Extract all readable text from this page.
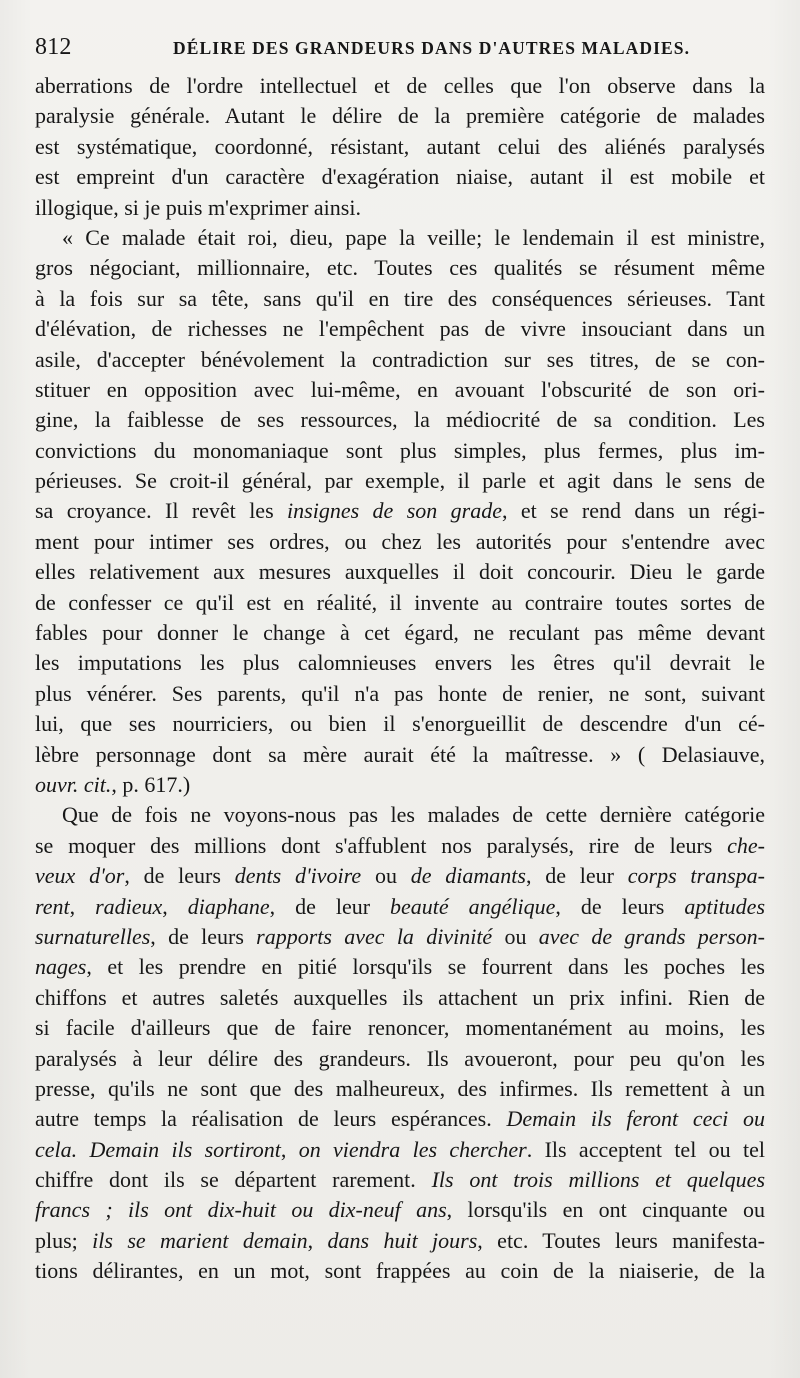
812	DÉLIRE DES GRANDEURS DANS D'AUTRES MALADIES.
aberrations de l'ordre intellectuel et de celles que l'on observe dans la
paralysie générale. Autant le délire de la première catégorie de malades
est systématique, coordonné, résistant, autant celui des aliénés paralysés
est empreint d'un caractère d'exagération niaise, autant il est mobile et
illogique, si je puis m'exprimer ainsi.
« Ce malade était roi, dieu, pape la veille; le lendemain il est ministre,
gros négociant, millionnaire, etc. Toutes ces qualités se résument même
à la fois sur sa tête, sans qu'il en tire des conséquences sérieuses. Tant
d'élévation, de richesses ne l'empêchent pas de vivre insouciant dans un
asile, d'accepter bénévolement la contradiction sur ses titres, de se con-
stituer en opposition avec lui-même, en avouant l'obscurité de son ori-
gine, la faiblesse de ses ressources, la médiocrité de sa condition. Les
convictions du monomaniaque sont plus simples, plus fermes, plus im-
périeuses. Se croit-il général, par exemple, il parle et agit dans le sens de
sa croyance. Il revêt les insignes de son grade, et se rend dans un régi-
ment pour intimer ses ordres, ou chez les autorités pour s'entendre avec
elles relativement aux mesures auxquelles il doit concourir. Dieu le garde
de confesser ce qu'il est en réalité, il invente au contraire toutes sortes de
fables pour donner le change à cet égard, ne reculant pas même devant
les imputations les plus calomnieuses envers les êtres qu'il devrait le
plus vénérer. Ses parents, qu'il n'a pas honte de renier, ne sont, suivant
lui, que ses nourriciers, ou bien il s'enorgueillit de descendre d'un cé-
lèbre personnage dont sa mère aurait été la maîtresse. » ( Delasiauve,
ouvr. cit., p. 617.)
Que de fois ne voyons-nous pas les malades de cette dernière catégorie
se moquer des millions dont s'affublent nos paralysés, rire de leurs che-
veux d'or, de leurs dents d'ivoire ou de diamants, de leur corps transpa-
rent, radieux, diaphane, de leur beauté angélique, de leurs aptitudes
surnaturelles, de leurs rapports avec la divinité ou avec de grands person-
nages, et les prendre en pitié lorsqu'ils se fourrent dans les poches les
chiffons et autres saletés auxquelles ils attachent un prix infini. Rien de
si facile d'ailleurs que de faire renoncer, momentanément au moins, les
paralysés à leur délire des grandeurs. Ils avoueront, pour peu qu'on les
presse, qu'ils ne sont que des malheureux, des infirmes. Ils remettent à un
autre temps la réalisation de leurs espérances. Demain ils feront ceci ou
cela. Demain ils sortiront, on viendra les chercher. Ils acceptent tel ou tel
chiffre dont ils se départent rarement. Ils ont trois millions et quelques
francs ; ils ont dix-huit ou dix-neuf ans, lorsqu'ils en ont cinquante ou
plus; ils se marient demain, dans huit jours, etc. Toutes leurs manifesta-
tions délirantes, en un mot, sont frappées au coin de la niaiserie, de la
